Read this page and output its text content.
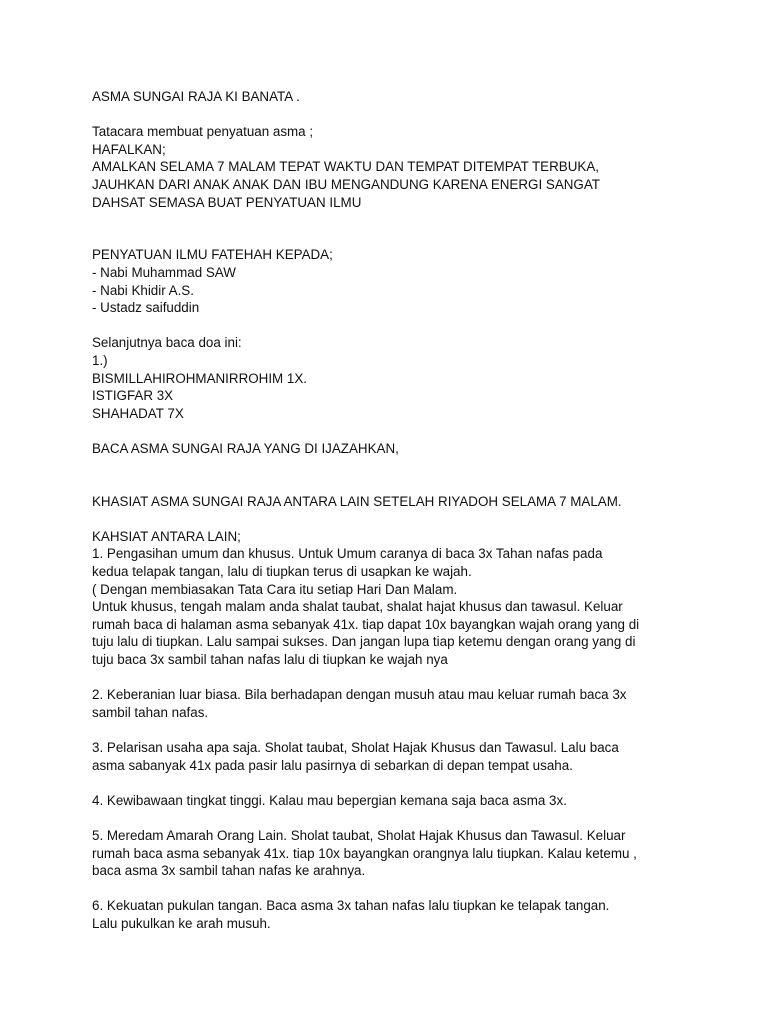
ASMA SUNGAI RAJA KI BANATA .
Tatacara membuat penyatuan asma ;
HAFALKAN;
AMALKAN SELAMA 7 MALAM TEPAT WAKTU DAN TEMPAT DITEMPAT TERBUKA,
JAUHKAN DARI ANAK ANAK DAN IBU MENGANDUNG KARENA ENERGI SANGAT
DAHSAT SEMASA BUAT PENYATUAN ILMU
PENYATUAN ILMU FATEHAH KEPADA;
- Nabi Muhammad SAW
- Nabi Khidir A.S.
- Ustadz saifuddin
Selanjutnya baca doa ini:
1.)
BISMILLAHIROHMANIRROHIM 1X.
ISTIGFAR 3X
SHAHADAT 7X
BACA ASMA SUNGAI RAJA YANG DI IJAZAHKAN,
KHASIAT ASMA SUNGAI RAJA ANTARA LAIN SETELAH RIYADOH SELAMA 7 MALAM.
KAHSIAT ANTARA LAIN;
1. Pengasihan umum dan khusus. Untuk Umum caranya di baca 3x Tahan nafas pada
kedua telapak tangan, lalu di tiupkan terus di usapkan ke wajah.
( Dengan membiasakan Tata Cara itu setiap Hari Dan Malam.
Untuk khusus, tengah malam anda shalat taubat, shalat hajat khusus dan tawasul. Keluar
rumah baca di halaman asma sebanyak 41x. tiap dapat 10x bayangkan wajah orang yang di
tuju lalu di tiupkan. Lalu sampai sukses. Dan jangan lupa tiap ketemu dengan orang yang di
tuju baca 3x sambil tahan nafas lalu di tiupkan ke wajah nya
2. Keberanian luar biasa. Bila berhadapan dengan musuh atau mau keluar rumah baca 3x
sambil tahan nafas.
3. Pelarisan usaha apa saja. Sholat taubat, Sholat Hajak Khusus dan Tawasul. Lalu baca
asma sabanyak 41x pada pasir lalu pasirnya di sebarkan di depan tempat usaha.
4. Kewibawaan tingkat tinggi. Kalau mau bepergian kemana saja baca asma 3x.
5. Meredam Amarah Orang Lain. Sholat taubat, Sholat Hajak Khusus dan Tawasul. Keluar
rumah baca asma sebanyak 41x. tiap 10x bayangkan orangnya lalu tiupkan. Kalau ketemu ,
baca asma 3x sambil tahan nafas ke arahnya.
6. Kekuatan pukulan tangan. Baca asma 3x tahan nafas lalu tiupkan ke telapak tangan.
Lalu pukulkan ke arah musuh.
